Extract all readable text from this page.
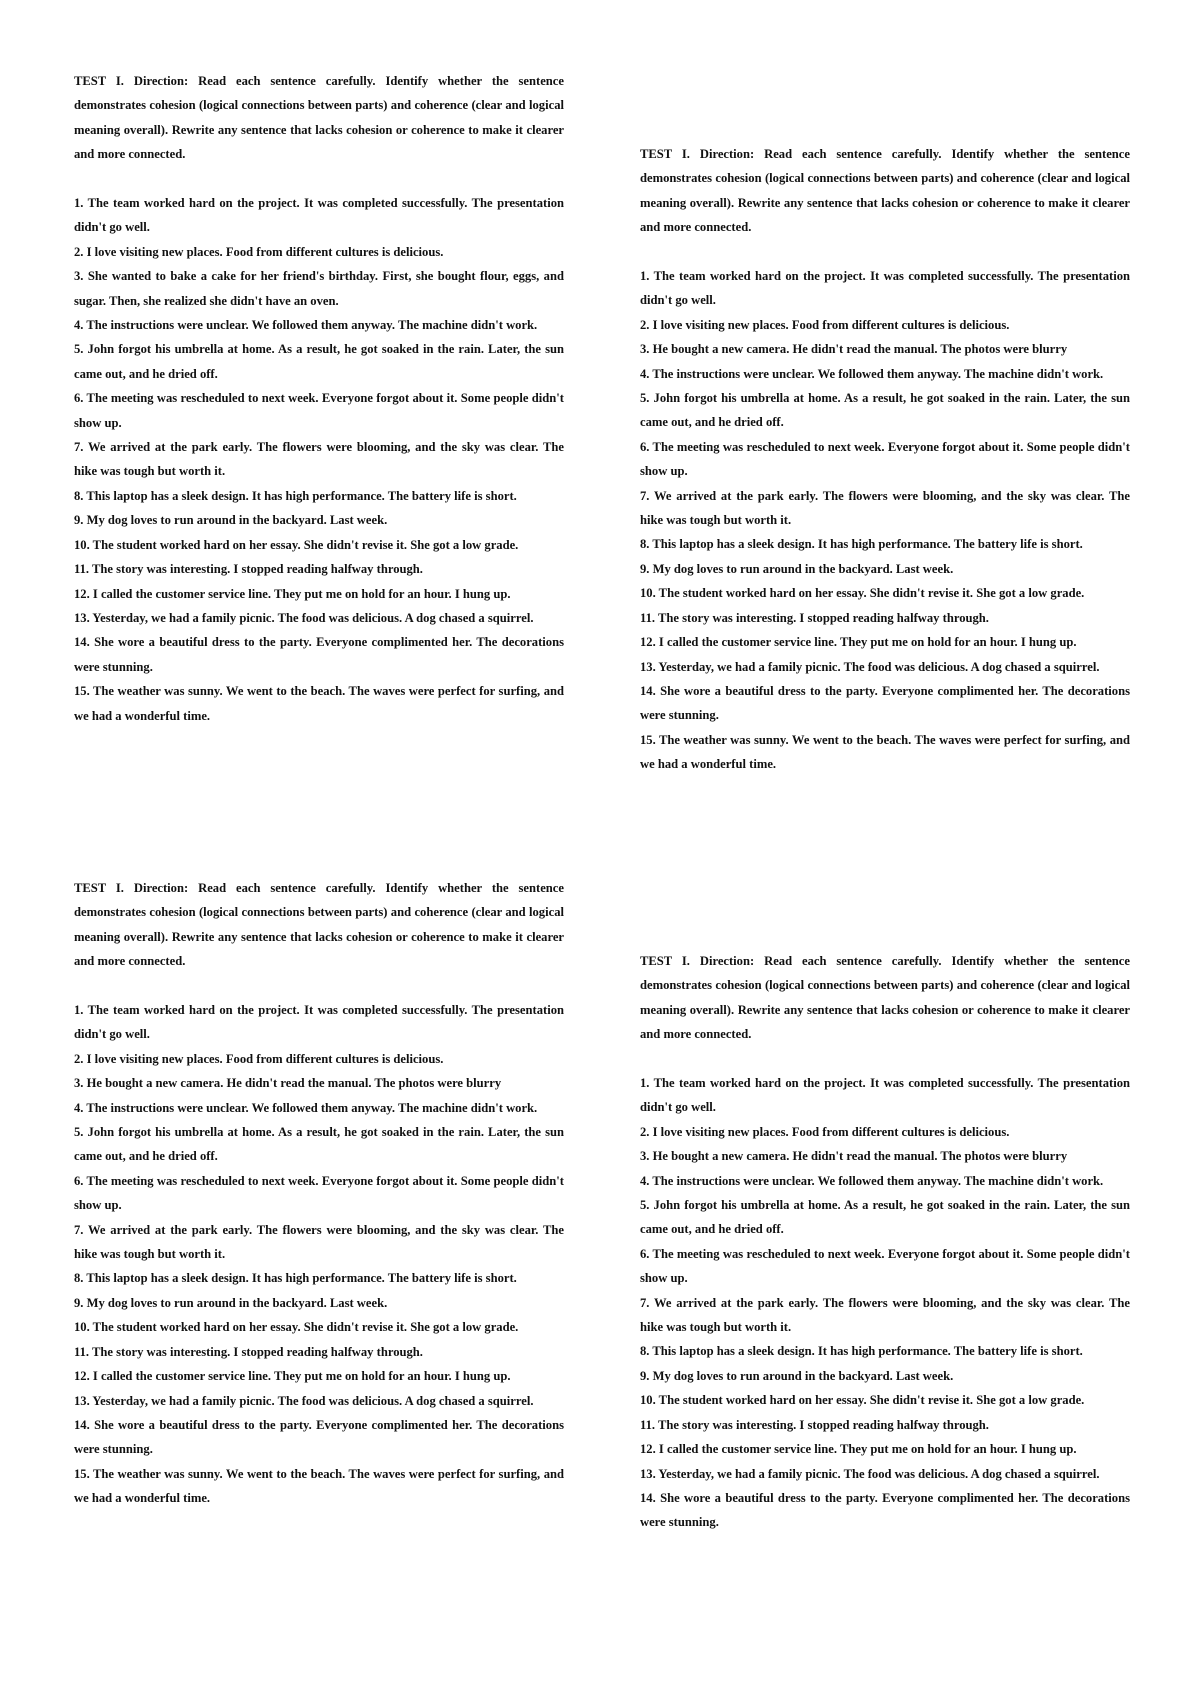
TEST I. Direction: Read each sentence carefully. Identify whether the sentence demonstrates cohesion (logical connections between parts) and coherence (clear and logical meaning overall). Rewrite any sentence that lacks cohesion or coherence to make it clearer and more connected.

1. The team worked hard on the project. It was completed successfully. The presentation didn't go well.

2. I love visiting new places. Food from different cultures is delicious.

3. She wanted to bake a cake for her friend's birthday. First, she bought flour, eggs, and sugar. Then, she realized she didn't have an oven.

4. The instructions were unclear. We followed them anyway. The machine didn't work.

5. John forgot his umbrella at home. As a result, he got soaked in the rain. Later, the sun came out, and he dried off.

6. The meeting was rescheduled to next week. Everyone forgot about it. Some people didn't show up.

7. We arrived at the park early. The flowers were blooming, and the sky was clear. The hike was tough but worth it.

8. This laptop has a sleek design. It has high performance. The battery life is short.

9. My dog loves to run around in the backyard. Last week.

10. The student worked hard on her essay. She didn't revise it. She got a low grade.

11. The story was interesting. I stopped reading halfway through.

12. I called the customer service line. They put me on hold for an hour. I hung up.

13. Yesterday, we had a family picnic. The food was delicious. A dog chased a squirrel.

14. She wore a beautiful dress to the party. Everyone complimented her. The decorations were stunning.

15. The weather was sunny. We went to the beach. The waves were perfect for surfing, and we had a wonderful time.

TEST I. Direction: Read each sentence carefully. Identify whether the sentence demonstrates cohesion (logical connections between parts) and coherence (clear and logical meaning overall). Rewrite any sentence that lacks cohesion or coherence to make it clearer and more connected.

1. The team worked hard on the project. It was completed successfully. The presentation didn't go well.

2. I love visiting new places. Food from different cultures is delicious.

3. He bought a new camera. He didn't read the manual. The photos were blurry

4. The instructions were unclear. We followed them anyway. The machine didn't work.

5. John forgot his umbrella at home. As a result, he got soaked in the rain. Later, the sun came out, and he dried off.

6. The meeting was rescheduled to next week. Everyone forgot about it. Some people didn't show up.

7. We arrived at the park early. The flowers were blooming, and the sky was clear. The hike was tough but worth it.

8. This laptop has a sleek design. It has high performance. The battery life is short.

9. My dog loves to run around in the backyard. Last week.

10. The student worked hard on her essay. She didn't revise it. She got a low grade.

11. The story was interesting. I stopped reading halfway through.

12. I called the customer service line. They put me on hold for an hour. I hung up.

13. Yesterday, we had a family picnic. The food was delicious. A dog chased a squirrel.

14. She wore a beautiful dress to the party. Everyone complimented her. The decorations were stunning.

15. The weather was sunny. We went to the beach. The waves were perfect for surfing, and we had a wonderful time.

TEST I. Direction: Read each sentence carefully. Identify whether the sentence demonstrates cohesion (logical connections between parts) and coherence (clear and logical meaning overall). Rewrite any sentence that lacks cohesion or coherence to make it clearer and more connected.

1. The team worked hard on the project. It was completed successfully. The presentation didn't go well.

2. I love visiting new places. Food from different cultures is delicious.

3. He bought a new camera. He didn't read the manual. The photos were blurry

4. The instructions were unclear. We followed them anyway. The machine didn't work.

5. John forgot his umbrella at home. As a result, he got soaked in the rain. Later, the sun came out, and he dried off.

6. The meeting was rescheduled to next week. Everyone forgot about it. Some people didn't show up.

7. We arrived at the park early. The flowers were blooming, and the sky was clear. The hike was tough but worth it.

8. This laptop has a sleek design. It has high performance. The battery life is short.

9. My dog loves to run around in the backyard. Last week.

10. The student worked hard on her essay. She didn't revise it. She got a low grade.

11. The story was interesting. I stopped reading halfway through.

12. I called the customer service line. They put me on hold for an hour. I hung up.

13. Yesterday, we had a family picnic. The food was delicious. A dog chased a squirrel.

14. She wore a beautiful dress to the party. Everyone complimented her. The decorations were stunning.

15. The weather was sunny. We went to the beach. The waves were perfect for surfing, and we had a wonderful time.

TEST I. Direction: Read each sentence carefully. Identify whether the sentence demonstrates cohesion (logical connections between parts) and coherence (clear and logical meaning overall). Rewrite any sentence that lacks cohesion or coherence to make it clearer and more connected.

1. The team worked hard on the project. It was completed successfully. The presentation didn't go well.

2. I love visiting new places. Food from different cultures is delicious.

3. He bought a new camera. He didn't read the manual. The photos were blurry

4. The instructions were unclear. We followed them anyway. The machine didn't work.

5. John forgot his umbrella at home. As a result, he got soaked in the rain. Later, the sun came out, and he dried off.

6. The meeting was rescheduled to next week. Everyone forgot about it. Some people didn't show up.

7. We arrived at the park early. The flowers were blooming, and the sky was clear. The hike was tough but worth it.

8. This laptop has a sleek design. It has high performance. The battery life is short.

9. My dog loves to run around in the backyard. Last week.

10. The student worked hard on her essay. She didn't revise it. She got a low grade.

11. The story was interesting. I stopped reading halfway through.

12. I called the customer service line. They put me on hold for an hour. I hung up.

13. Yesterday, we had a family picnic. The food was delicious. A dog chased a squirrel.

14. She wore a beautiful dress to the party. Everyone complimented her. The decorations were stunning.
